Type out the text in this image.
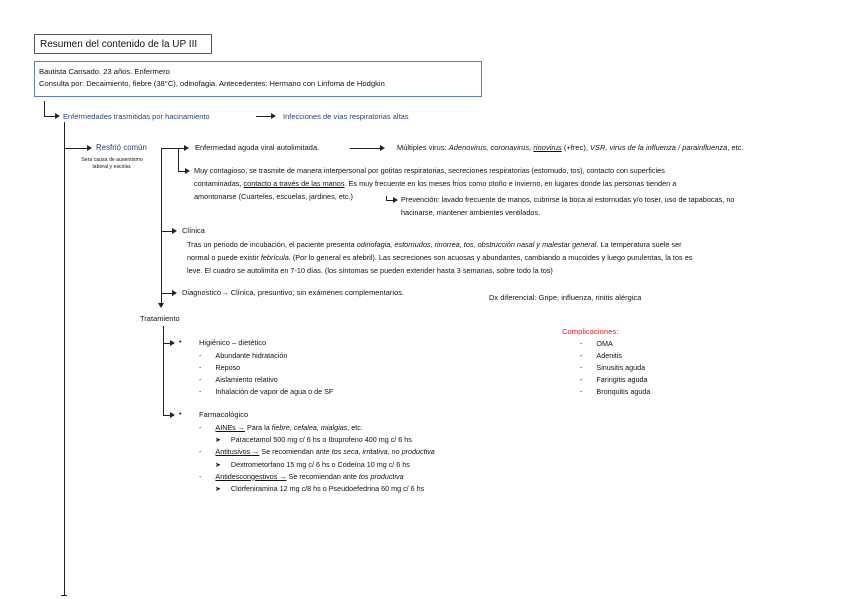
Resumen del contenido de la UP III
Bautista Cansado. 23 años. Enfermero
Consulta por: Decaimiento, fiebre (38°C), odinofagia. Antecedentes: Hermano con Linfoma de Hodgkin
Enfermedades trasmitidas por hacinamiento	Infecciones de vías respiratorias altas
Resfrió común
Sera causa de ausentismo
laboral y escolar.
Enfermedad aguda viral autolimitada.	Múltiples virus: Adenovirus, coronavirus, rinovirus (+frec), VSR, virus de la influenza / parainfluenza, etc.
Muy contagioso, se trasmite de manera interpersonal por gotitas respiratorias, secreciones respiratorias (estornudo, tos), contacto con superficies
contaminadas, contacto a través de las manos. Es muy frecuente en los meses fríos como otoño e invierno, en lugares donde las personas tienden a
amontonarse (Cuarteles, escuelas, jardines, etc.)	Prevención: lavado frecuente de manos, cubrirse la boca al estornudas y/o toser, uso de tapabocas, no
hacinarse, mantener ambientes ventilados.
Clínica
Tras un periodo de incubación, el paciente presenta odinofagia, estornudos, rinorrea, tos, obstrucción nasal y malestar general. La temperatura suele ser
normal o puede existir febrícula. (Por lo general es afebril). Las secreciones son acuosas y abundantes, cambiando a mucoides y luego purulentas, la tos es
leve. El cuadro se autolimita en 7-10 días. (los síntomas se pueden extender hasta 3 semanas, sobre todo la tos)
Diagnostico→ Clínica, presuntivo; sin exámenes complementarios.
Dx diferencial: Gripe, influenza, rinitis alérgica
Tratamiento
• Higiénico – dietético
- Abundante hidratación
- Reposo
- Aislamiento relativo
- Inhalación de vapor de agua o de SF
Complicaciones:
- OMA
- Adenitis
- Sinusitis aguda
- Faringitis aguda
- Bronquitis aguda
• Farmacológico
- AINEs → Para la fiebre, cefalea, mialgias, etc.
➤ Paracetamol 500 mg c/ 6 hs o Ibuprofeno 400 mg c/ 6 hs
- Antitusivos → Se recomiendan ante tos seca, irritativa, no productiva
➤ Dextrometorfano 15 mg c/ 6 hs o Codeína 10 mg c/ 6 hs
- Antidescongestivos → Se recomiendan ante tos productiva
➤ Clorfeniramina 12 mg c/8 hs o Pseudoefedrina 60 mg c/ 6 hs
